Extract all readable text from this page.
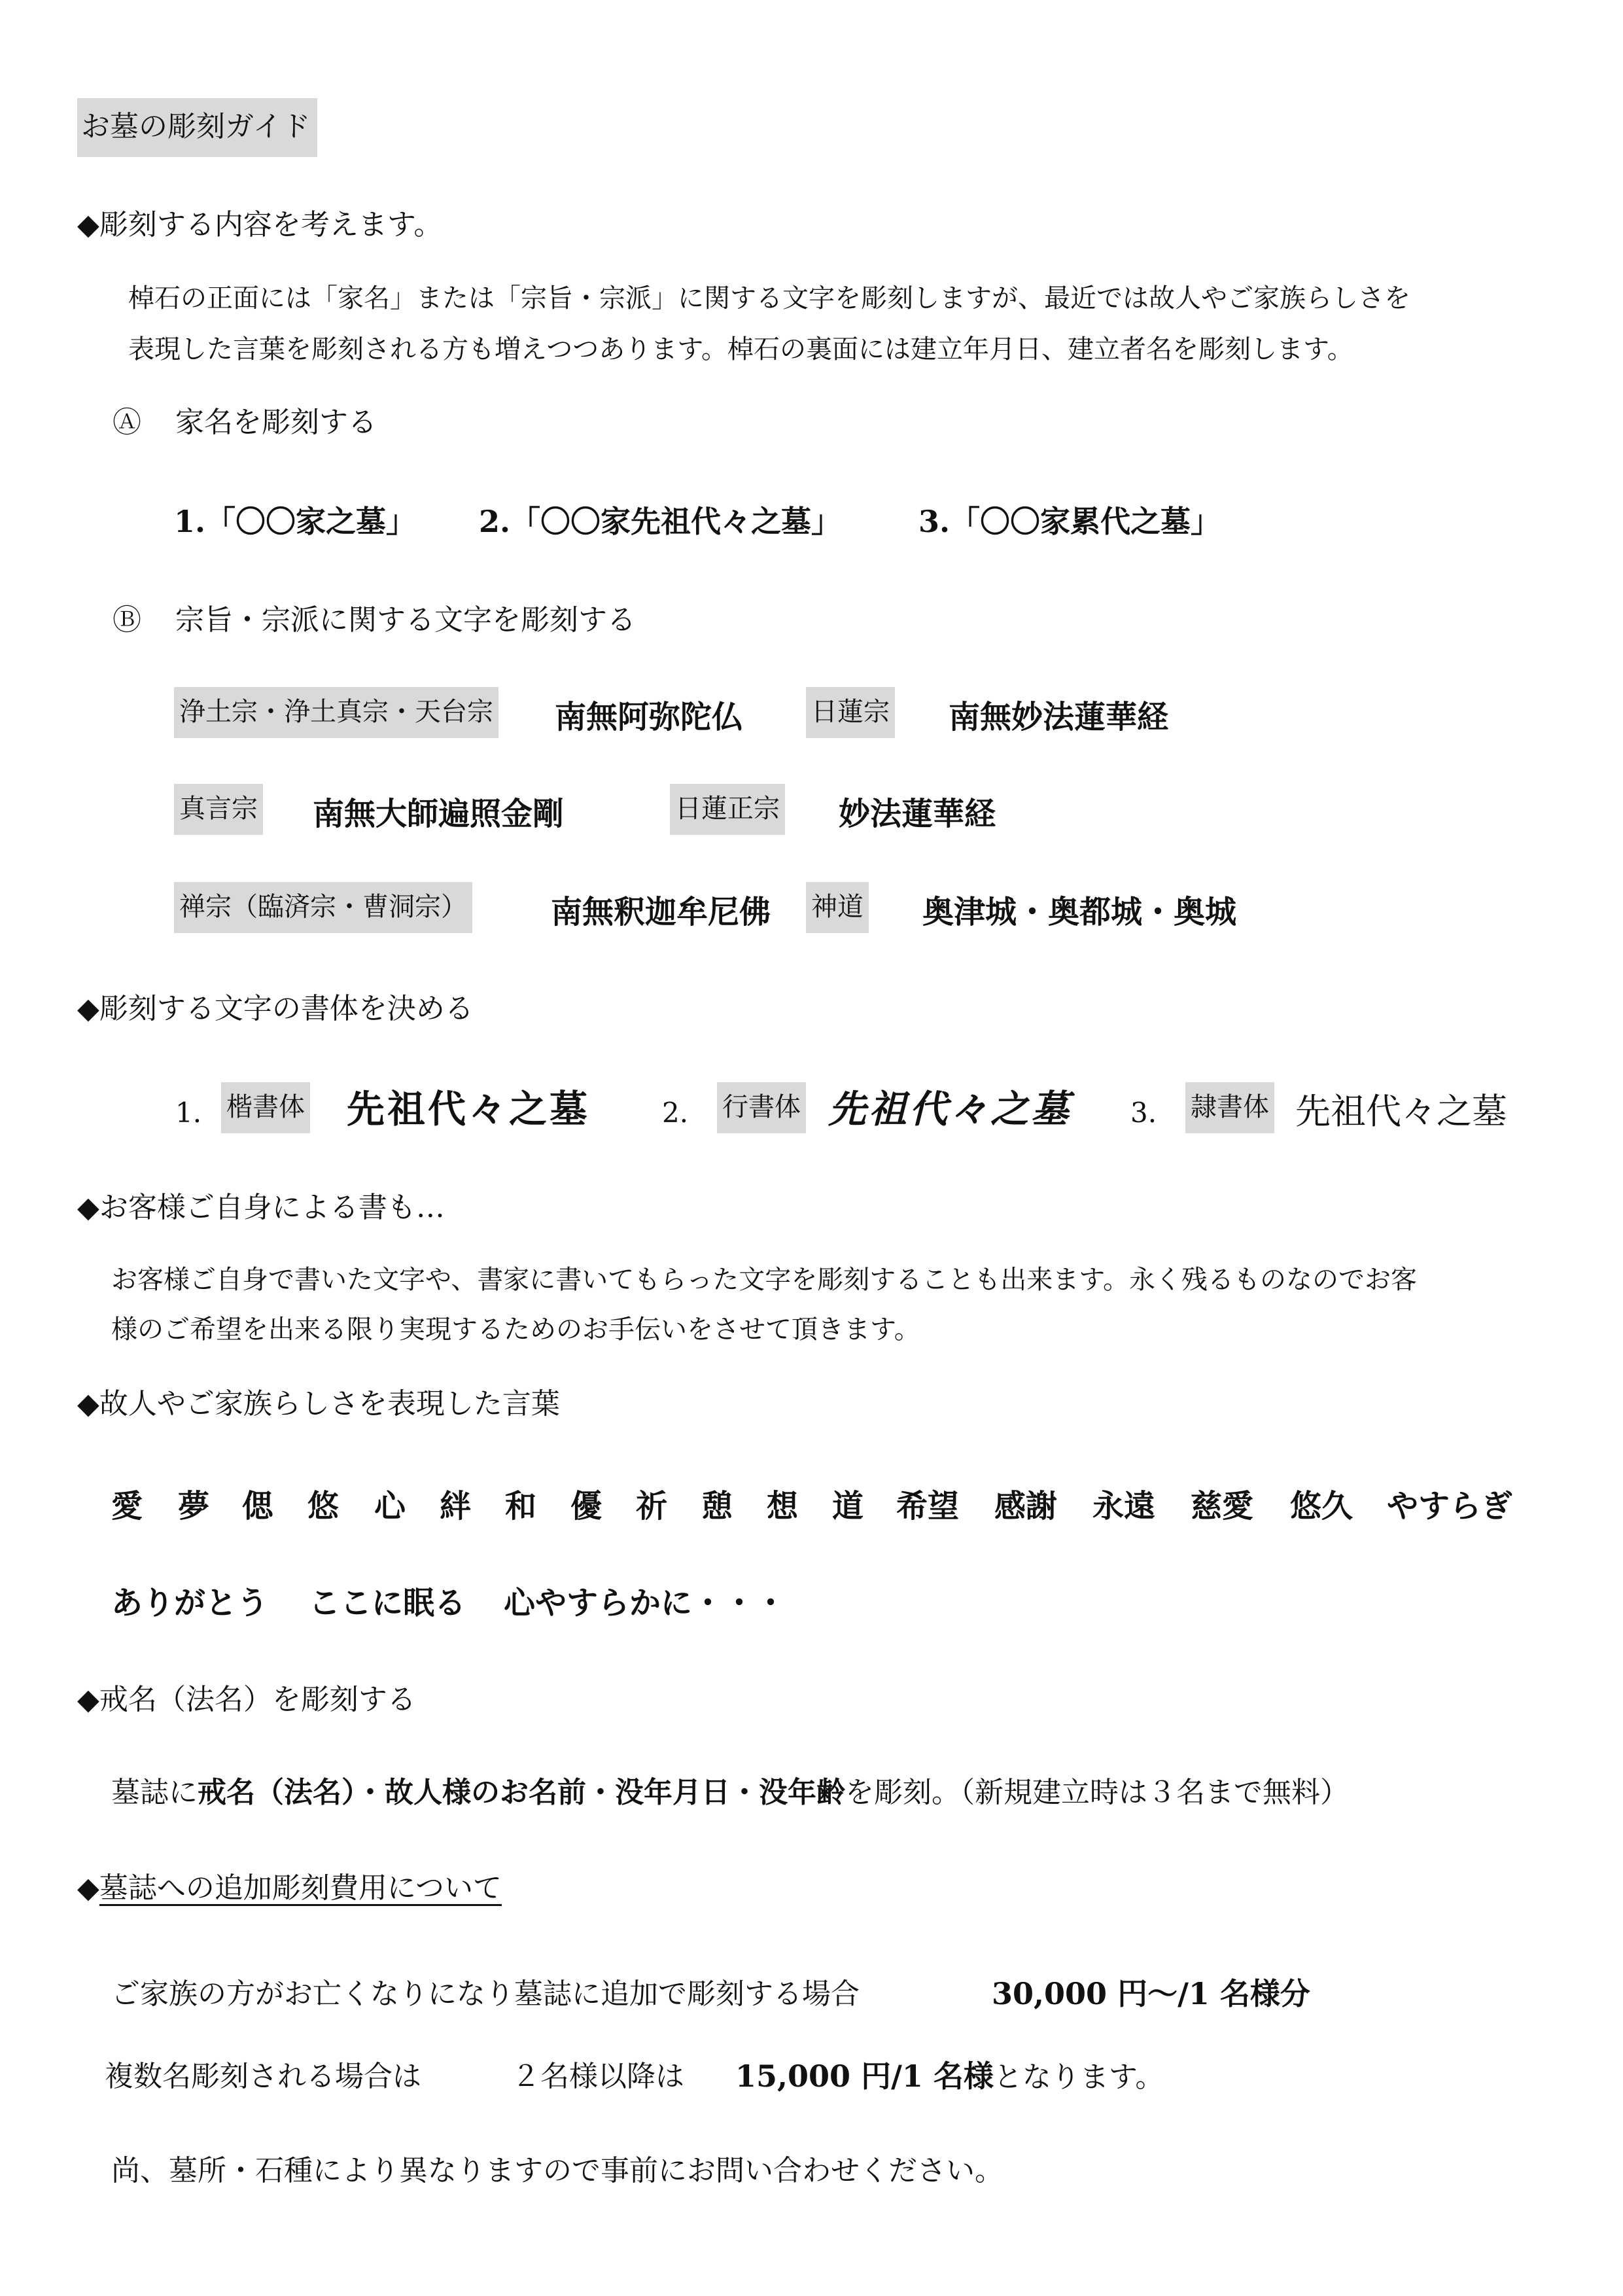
お墓の彫刻ガイド
◆彫刻する内容を考えます。
棹石の正面には「家名」または「宗旨・宗派」に関する文字を彫刻しますが、最近では故人やご家族らしさを
表現した言葉を彫刻される方も増えつつあります。棹石の裏面には建立年月日、建立者名を彫刻します。
Ⓐ 家名を彫刻する
1.「〇〇家之墓」 2.「〇〇家先祖代々之墓」	3.「〇〇家累代之墓」
Ⓑ 宗旨・宗派に関する文字を彫刻する
浄土宗・浄土真宗・天台宗 南無阿弥陀仏	日蓮宗 南無妙法蓮華経
真言宗 南無大師遍照金剛	日蓮正宗 妙法蓮華経
禅宗（臨済宗・曹洞宗）	南無釈迦牟尼佛 神道 奥津城・奥都城・奥城
◆彫刻する文字の書体を決める
1. 楷書体 先祖代々之墓	2. 行書体 先祖代々之墓 3. 隷書体 先祖代々之墓
◆お客様ご自身による書も…
お客様ご自身で書いた文字や、書家に書いてもらった文字を彫刻することも出来ます。永く残るものなのでお客
様のご希望を出来る限り実現するためのお手伝いをさせて頂きます。
◆故人やご家族らしさを表現した言葉
愛 夢 偲 悠 心 絆 和 優 祈 憩 想 道 希望 感謝 永遠 慈愛 悠久 やすらぎ
ありがとう ここに眠る 心やすらかに・・・
◆戒名（法名）を彫刻する
墓誌に戒名（法名）・故人様のお名前・没年月日・没年齢を彫刻。（新規建立時は３名まで無料）
◆墓誌への追加彫刻費用について
ご家族の方がお亡くなりになり墓誌に追加で彫刻する場合	30,000 円～/1 名様分
複数名彫刻される場合は	２名様以降は 15,000 円/1 名様となります。
尚、墓所・石種により異なりますので事前にお問い合わせください。
